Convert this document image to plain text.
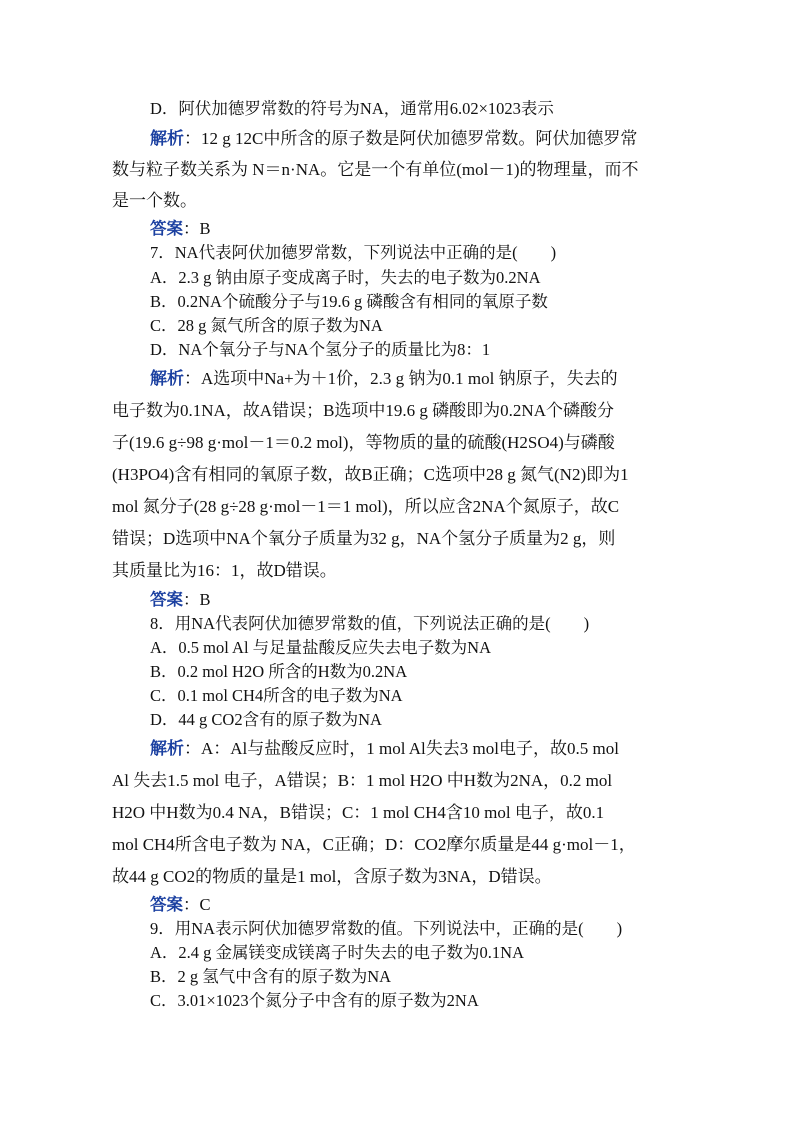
D．阿伏加德罗常数的符号为NA，通常用6.02×1023表示
解析：12 g 12C中所含的原子数是阿伏加德罗常数。阿伏加德罗常
数与粒子数关系为 N＝n·NA。它是一个有单位(mol－1)的物理量，而不
是一个数。
答案：B
7．NA代表阿伏加德罗常数，下列说法中正确的是(　　)
A．2.3 g 钠由原子变成离子时，失去的电子数为0.2NA
B．0.2NA个硫酸分子与19.6 g 磷酸含有相同的氧原子数
C．28 g 氮气所含的原子数为NA
D．NA个氧分子与NA个氢分子的质量比为8：1
解析：A选项中Na+为＋1价，2.3 g 钠为0.1 mol 钠原子，失去的
电子数为0.1NA，故A错误；B选项中19.6 g 磷酸即为0.2NA个磷酸分
子(19.6 g÷98 g·mol－1＝0.2 mol)，等物质的量的硫酸(H2SO4)与磷酸
(H3PO4)含有相同的氧原子数，故B正确；C选项中28 g 氮气(N2)即为1
mol 氮分子(28 g÷28 g·mol－1＝1 mol)，所以应含2NA个氮原子，故C
错误；D选项中NA个氧分子质量为32 g，NA个氢分子质量为2 g，则
其质量比为16：1，故D错误。
答案：B
8．用NA代表阿伏加德罗常数的值，下列说法正确的是(　　)
A．0.5 mol Al 与足量盐酸反应失去电子数为NA
B．0.2 mol H2O 所含的H数为0.2NA
C．0.1 mol CH4所含的电子数为NA
D．44 g CO2含有的原子数为NA
解析：A：Al与盐酸反应时，1 mol Al失去3 mol电子，故0.5 mol
Al 失去1.5 mol 电子，A错误；B：1 mol H2O 中H数为2NA，0.2 mol
H2O 中H数为0.4 NA，B错误；C：1 mol CH4含10 mol 电子，故0.1
mol CH4所含电子数为 NA，C正确；D：CO2摩尔质量是44 g·mol－1，
故44 g CO2的物质的量是1 mol，含原子数为3NA，D错误。
答案：C
9．用NA表示阿伏加德罗常数的值。下列说法中，正确的是(　　)
A．2.4 g 金属镁变成镁离子时失去的电子数为0.1NA
B．2 g 氢气中含有的原子数为NA
C．3.01×1023个氮分子中含有的原子数为2NA
